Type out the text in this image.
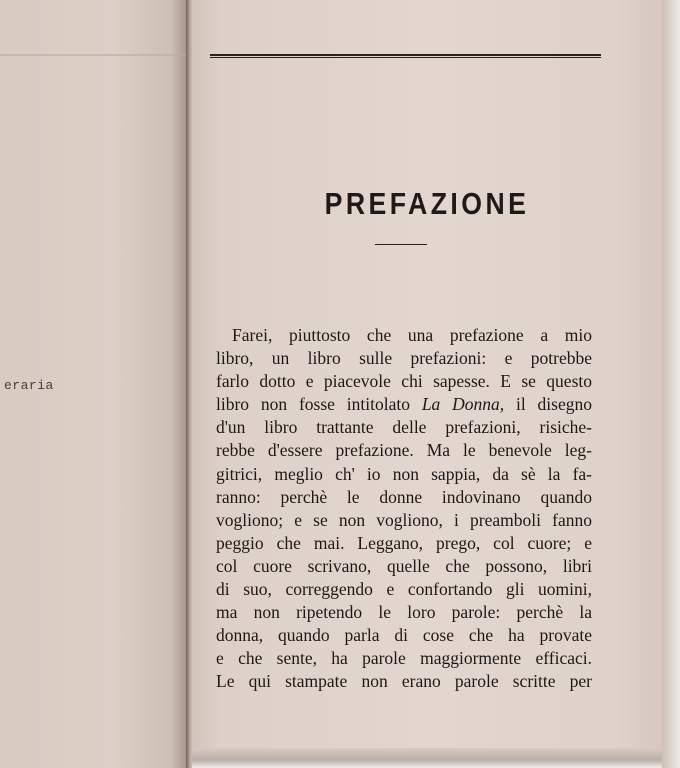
eraria
PREFAZIONE
Farei, piuttosto che una prefazione a mio
libro, un libro sulle prefazioni: e potrebbe
farlo dotto e piacevole chi sapesse. E se questo
libro non fosse intitolato La Donna, il disegno
d'un libro trattante delle prefazioni, risiche-
rebbe d'essere prefazione. Ma le benevole leg-
gitrici, meglio ch' io non sappia, da sè la fa-
ranno: perchè le donne indovinano quando
vogliono; e se non vogliono, i preamboli fanno
peggio che mai. Leggano, prego, col cuore; e
col cuore scrivano, quelle che possono, libri
di suo, correggendo e confortando gli uomini,
ma non ripetendo le loro parole: perchè la
donna, quando parla di cose che ha provate
e che sente, ha parole maggiormente efficaci.
Le qui stampate non erano parole scritte per
